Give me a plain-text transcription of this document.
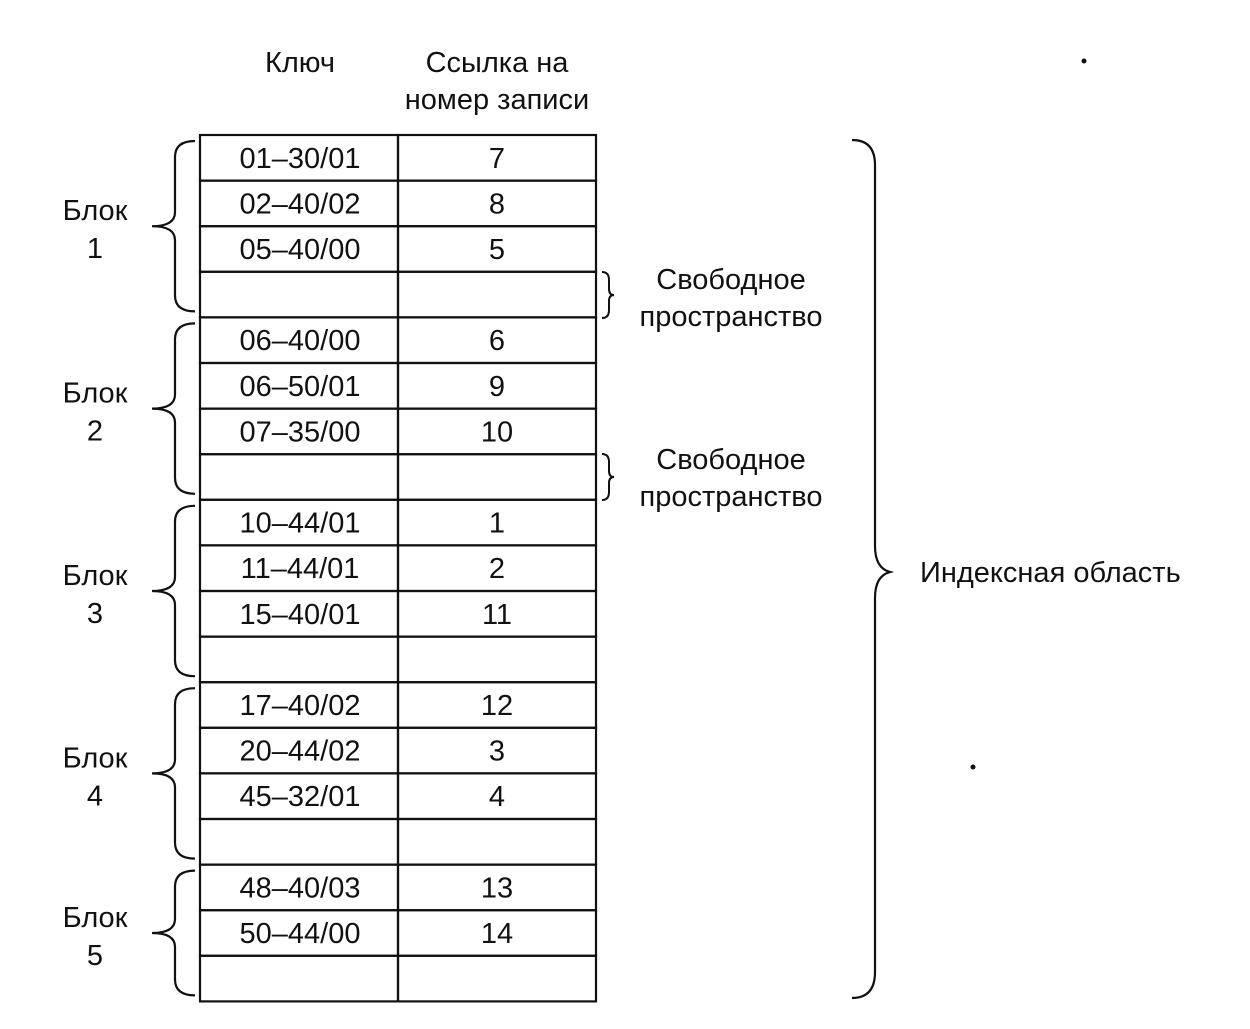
Ключ	Ссылка на
номер записи
01–30/01	7
02–40/02	8
05–40/00	5
06–40/00	6
06–50/01	9
07–35/00	10
10–44/01	1
11–44/01	2
15–40/01	11
17–40/02	12
20–44/02	3
45–32/01	4
48–40/03	13
50–44/00	14
Блок
1
Блок
2
Блок
3
Блок
4
Блок
5
Свободное
пространство
Свободное
пространство
Индексная область
